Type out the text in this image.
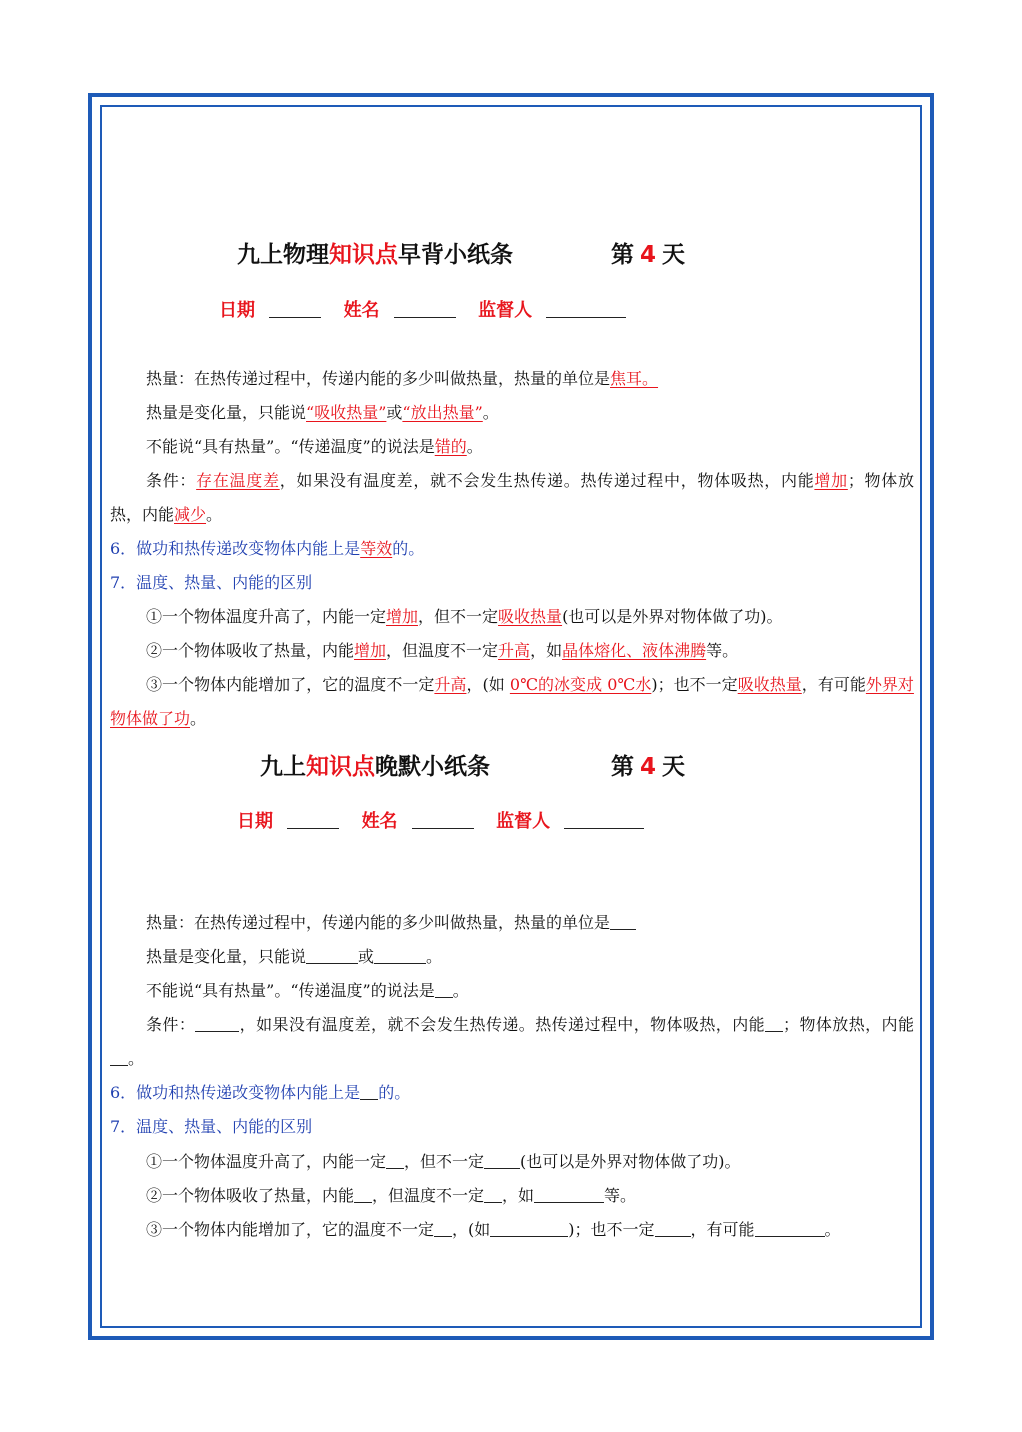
九上物理知识点早背小纸条	第 4 天
日期	姓名	监督人
热量：在热传递过程中，传递内能的多少叫做热量，热量的单位是焦耳。
热量是变化量，只能说“吸收热量”或“放出热量”。
不能说“具有热量”。“传递温度”的说法是错的。
条件：存在温度差，如果没有温度差，就不会发生热传递。热传递过程中，物体吸热，内能增加；物体放热，内能减少。
6．做功和热传递改变物体内能上是等效的。
7．温度、热量、内能的区别
①一个物体温度升高了，内能一定增加，但不一定吸收热量(也可以是外界对物体做了功)。
②一个物体吸收了热量，内能增加，但温度不一定升高，如晶体熔化、液体沸腾等。
③一个物体内能增加了，它的温度不一定升高，(如 0℃的冰变成 0℃水)；也不一定吸收热量，有可能外界对物体做了功。
九上知识点晚默小纸条	第 4 天
日期	姓名	监督人
热量：在热传递过程中，传递内能的多少叫做热量，热量的单位是
热量是变化量，只能说	或	。
不能说“具有热量”。“传递温度”的说法是 。
条件：	，如果没有温度差，就不会发生热传递。热传递过程中，物体吸热，内能 ；物体放热，内能。
6．做功和热传递改变物体内能上是 的。
7．温度、热量、内能的区别
①一个物体温度升高了，内能一定 ，但不一定 (也可以是外界对物体做了功)。
②一个物体吸收了热量，内能 ，但温度不一定 ，如	等。
③一个物体内能增加了，它的温度不一定 ，(如	)；也不一定 ，有可能	。
